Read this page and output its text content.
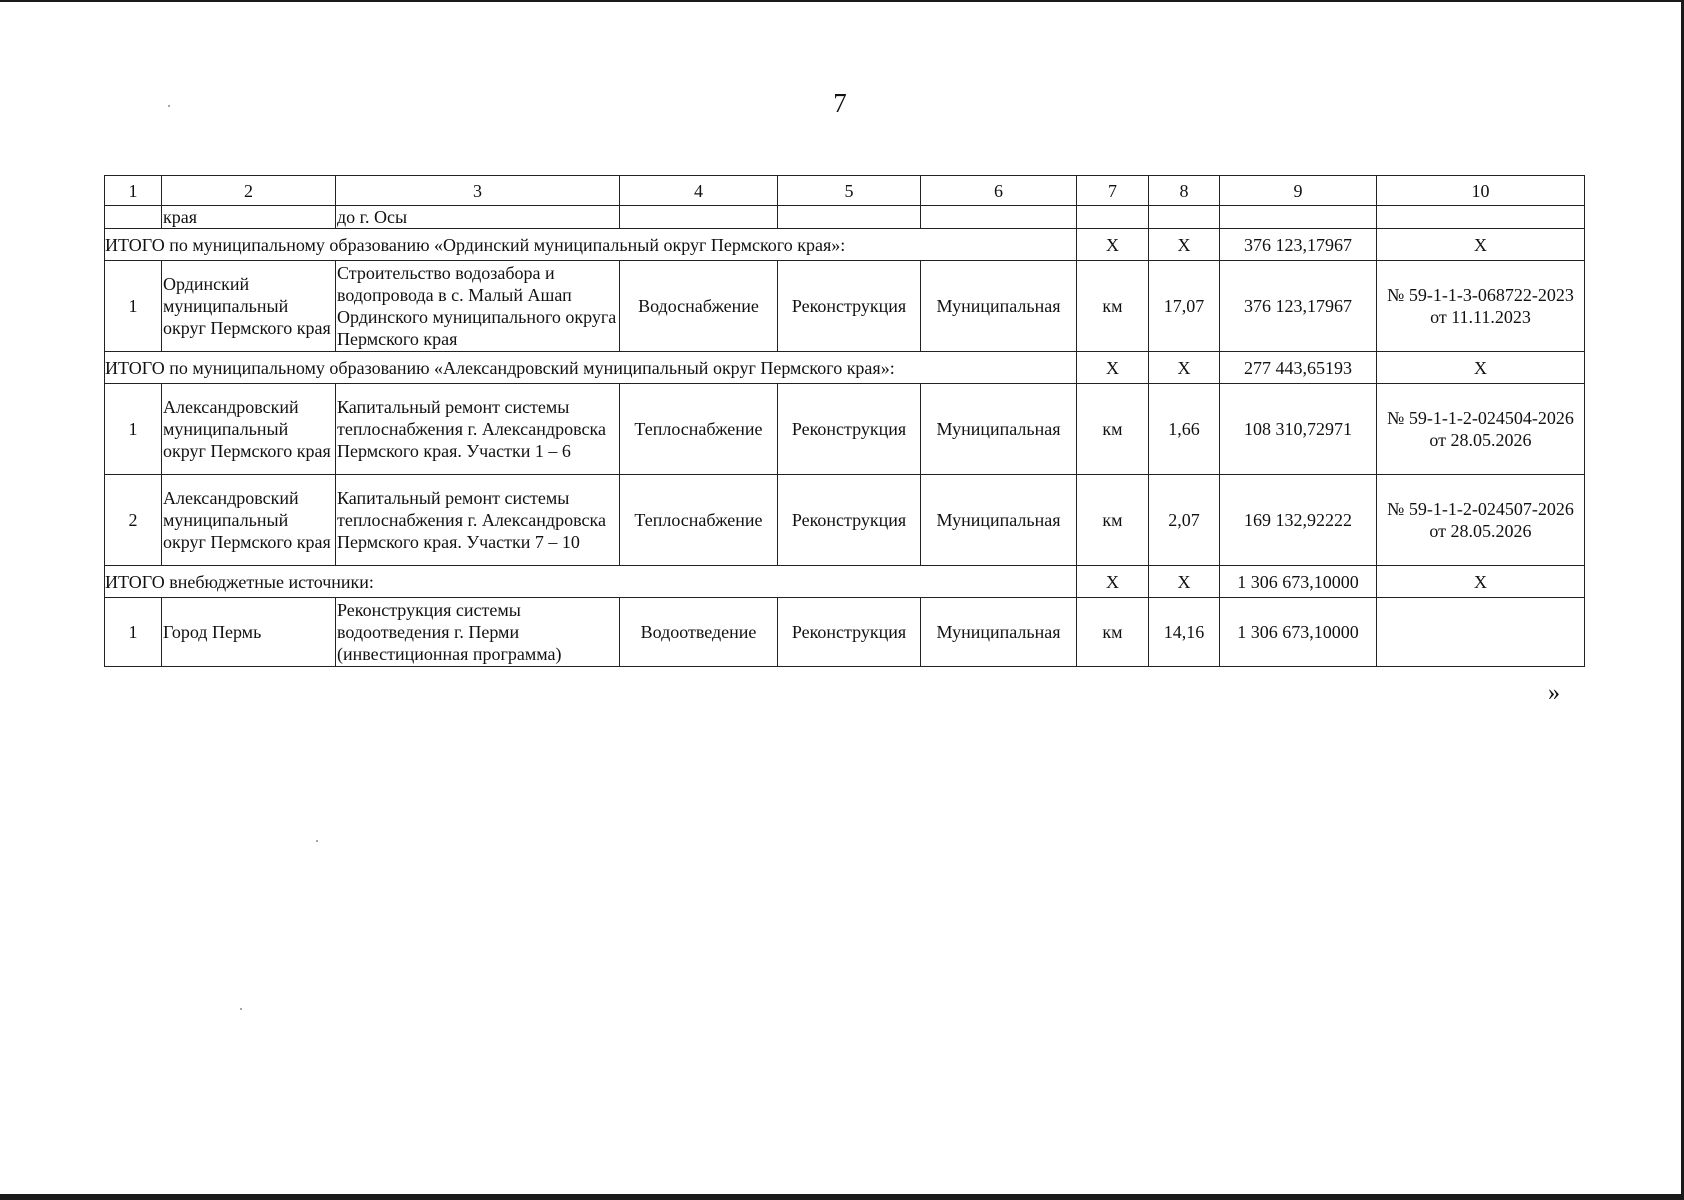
7
1	2	3	4	5	6	7	8	9	10
	края	до г. Осы							
ИТОГО по муниципальному образованию «Ординский муниципальный округ Пермского края»:						Х	Х	376 123,17967	Х
1	Ординский муниципальный округ Пермского края	Строительство водозабора и водопровода в с. Малый Ашап Ординского муниципального округа Пермского края	Водоснабжение	Реконструкция	Муниципальная	км	17,07	376 123,17967	№ 59-1-1-3-068722-2023 от 11.11.2023
ИТОГО по муниципальному образованию «Александровский муниципальный округ Пермского края»:						Х	Х	277 443,65193	Х
1	Александровский муниципальный округ Пермского края	Капитальный ремонт системы теплоснабжения г. Александровска Пермского края. Участки 1 – 6	Теплоснабжение	Реконструкция	Муниципальная	км	1,66	108 310,72971	№ 59-1-1-2-024504-2026 от 28.05.2026
2	Александровский муниципальный округ Пермского края	Капитальный ремонт системы теплоснабжения г. Александровска Пермского края. Участки 7 – 10	Теплоснабжение	Реконструкция	Муниципальная	км	2,07	169 132,92222	№ 59-1-1-2-024507-2026 от 28.05.2026
ИТОГО внебюджетные источники:						Х	Х	1 306 673,10000	Х
1	Город Пермь	Реконструкция системы водоотведения г. Перми (инвестиционная программа)	Водоотведение	Реконструкция	Муниципальная	км	14,16	1 306 673,10000	
»
